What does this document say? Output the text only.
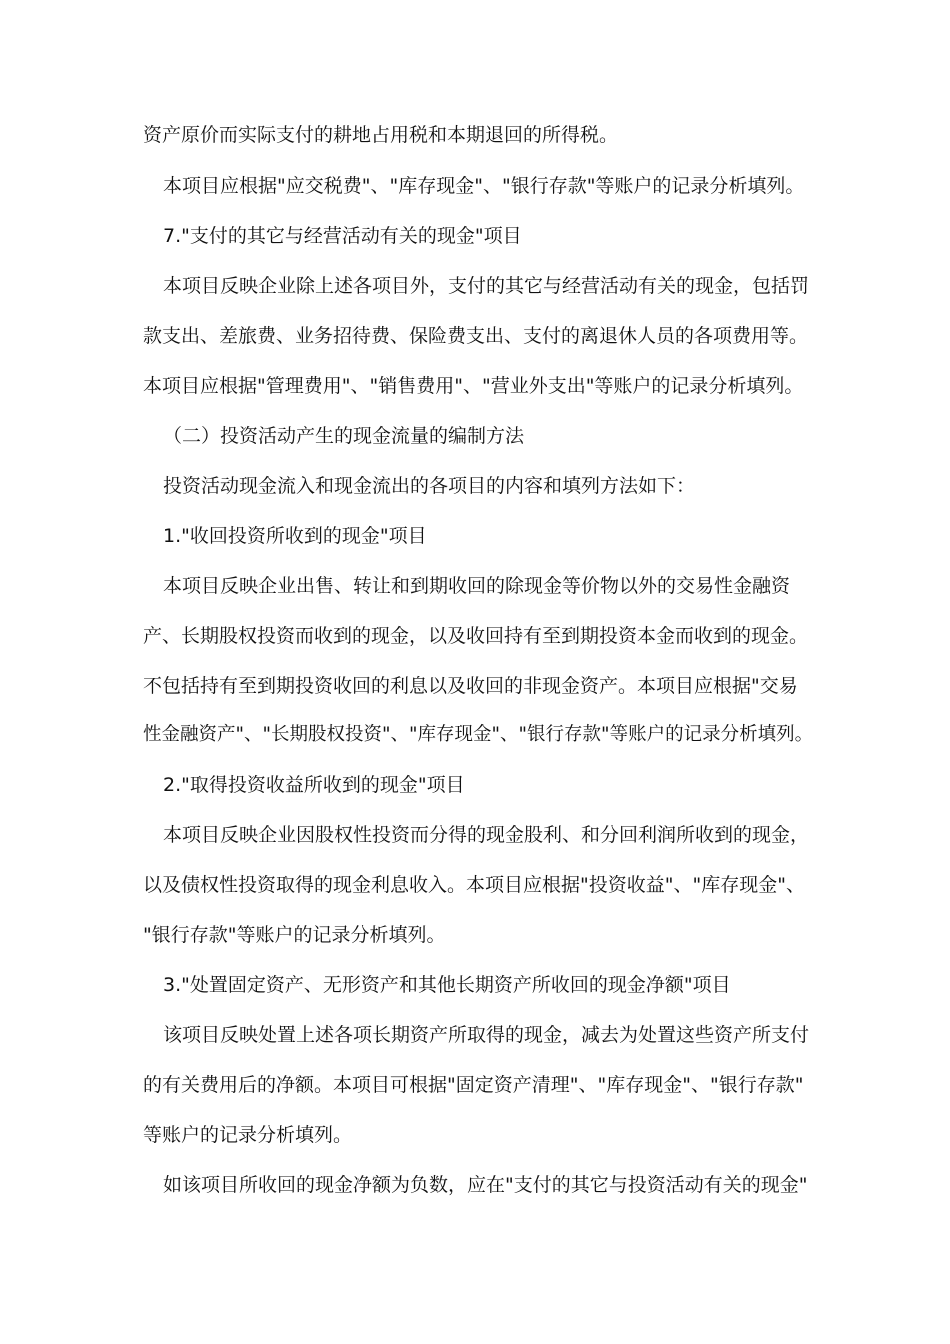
资产原价而实际支付的耕地占用税和本期退回的所得税。
本项目应根据"应交税费"、"库存现金"、"银行存款"等账户的记录分析填列。
7."支付的其它与经营活动有关的现金"项目
本项目反映企业除上述各项目外，支付的其它与经营活动有关的现金，包括罚
款支出、差旅费、业务招待费、保险费支出、支付的离退休人员的各项费用等。
本项目应根据"管理费用"、"销售费用"、"营业外支出"等账户的记录分析填列。
（二）投资活动产生的现金流量的编制方法
投资活动现金流入和现金流出的各项目的内容和填列方法如下：
1."收回投资所收到的现金"项目
本项目反映企业出售、转让和到期收回的除现金等价物以外的交易性金融资
产、长期股权投资而收到的现金，以及收回持有至到期投资本金而收到的现金。
不包括持有至到期投资收回的利息以及收回的非现金资产。本项目应根据"交易
性金融资产"、"长期股权投资"、"库存现金"、"银行存款"等账户的记录分析填列。
2."取得投资收益所收到的现金"项目
本项目反映企业因股权性投资而分得的现金股利、和分回利润所收到的现金，
以及债权性投资取得的现金利息收入。本项目应根据"投资收益"、"库存现金"、
"银行存款"等账户的记录分析填列。
3."处置固定资产、无形资产和其他长期资产所收回的现金净额"项目
该项目反映处置上述各项长期资产所取得的现金，减去为处置这些资产所支付
的有关费用后的净额。本项目可根据"固定资产清理"、"库存现金"、"银行存款"
等账户的记录分析填列。
如该项目所收回的现金净额为负数，应在"支付的其它与投资活动有关的现金"
